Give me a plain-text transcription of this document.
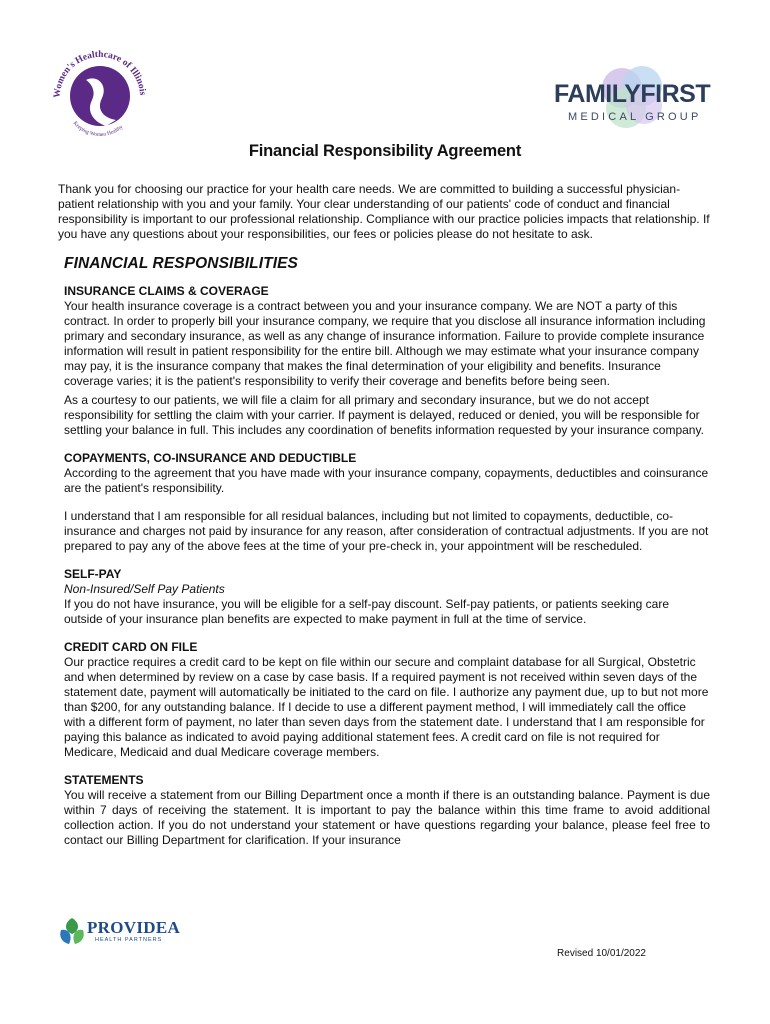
Women's Healthcare of Illinois
Keeping Women Healthy
FAMILYFIRST
MEDICAL GROUP
Financial Responsibility Agreement

Thank you for choosing our practice for your health care needs. We are committed to building a successful physician-patient relationship with you and your family. Your clear understanding of our patients' code of conduct and financial responsibility is important to our professional relationship. Compliance with our practice policies impacts that relationship. If you have any questions about your responsibilities, our fees or policies please do not hesitate to ask.

FINANCIAL RESPONSIBILITIES

INSURANCE CLAIMS & COVERAGE

Your health insurance coverage is a contract between you and your insurance company. We are NOT a party of this contract. In order to properly bill your insurance company, we require that you disclose all insurance information including primary and secondary insurance, as well as any change of insurance information. Failure to provide complete insurance information will result in patient responsibility for the entire bill. Although we may estimate what your insurance company may pay, it is the insurance company that makes the final determination of your eligibility and benefits. Insurance coverage varies; it is the patient's responsibility to verify their coverage and benefits before being seen.

As a courtesy to our patients, we will file a claim for all primary and secondary insurance, but we do not accept responsibility for settling the claim with your carrier. If payment is delayed, reduced or denied, you will be responsible for settling your balance in full. This includes any coordination of benefits information requested by your insurance company.

COPAYMENTS, CO-INSURANCE AND DEDUCTIBLE

According to the agreement that you have made with your insurance company, copayments, deductibles and coinsurance are the patient's responsibility.

I understand that I am responsible for all residual balances, including but not limited to copayments, deductible, co-insurance and charges not paid by insurance for any reason, after consideration of contractual adjustments. If you are not prepared to pay any of the above fees at the time of your pre-check in, your appointment will be rescheduled.

SELF-PAY

Non-Insured/Self Pay Patients

If you do not have insurance, you will be eligible for a self-pay discount. Self-pay patients, or patients seeking care outside of your insurance plan benefits are expected to make payment in full at the time of service.

CREDIT CARD ON FILE

Our practice requires a credit card to be kept on file within our secure and complaint database for all Surgical, Obstetric and when determined by review on a case by case basis. If a required payment is not received within seven days of the statement date, payment will automatically be initiated to the card on file. I authorize any payment due, up to but not more than $200, for any outstanding balance. If I decide to use a different payment method, I will immediately call the office with a different form of payment, no later than seven days from the statement date. I understand that I am responsible for paying this balance as indicated to avoid paying additional statement fees. A credit card on file is not required for Medicare, Medicaid and dual Medicare coverage members.

STATEMENTS

You will receive a statement from our Billing Department once a month if there is an outstanding balance. Payment is due within 7 days of receiving the statement. It is important to pay the balance within this time frame to avoid additional collection action. If you do not understand your statement or have questions regarding your balance, please feel free to contact our Billing Department for clarification. If your insurance

PROVIDEA
HEALTH PARTNERS
Revised 10/01/2022
